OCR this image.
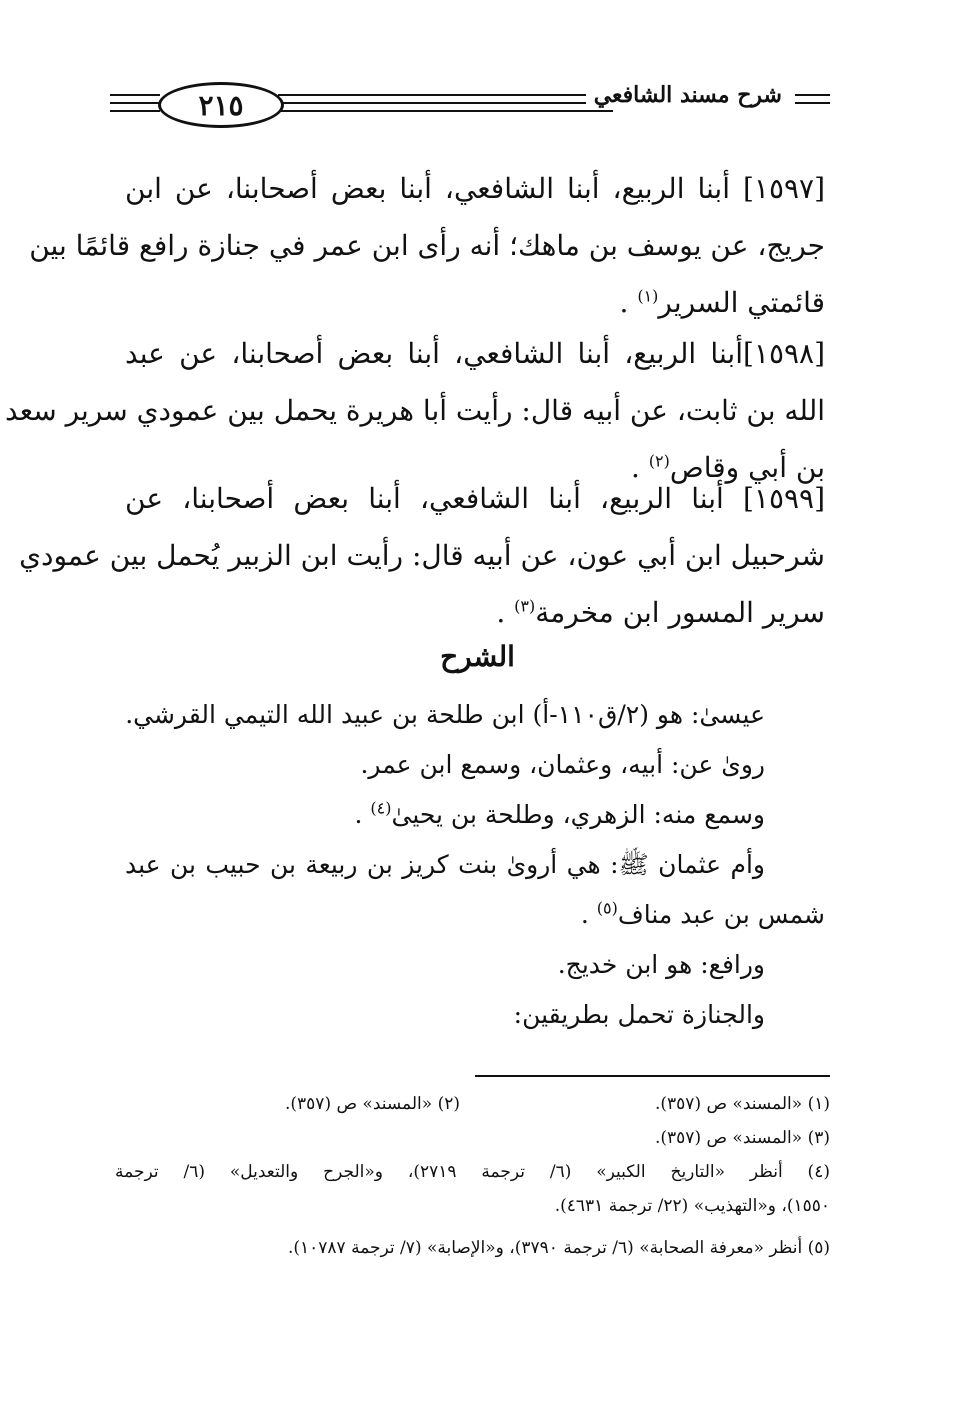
٢١٥	شرح مسند الشافعي
[١٥٩٧] أبنا الربيع، أبنا الشافعي، أبنا بعض أصحابنا، عن ابن
جريج، عن يوسف بن ماهك؛ أنه رأى ابن عمر في جنازة رافع قائمًا بين
قائمتي السرير$^{(١)}$ .
[١٥٩٨]أبنا الربيع، أبنا الشافعي، أبنا بعض أصحابنا، عن عبد
الله بن ثابت، عن أبيه قال: رأيت أبا هريرة يحمل بين عمودي سرير سعد
بن أبي وقاص$^{(٢)}$ .
[١٥٩٩] أبنا الربيع، أبنا الشافعي، أبنا بعض أصحابنا، عن
شرحبيل ابن أبي عون، عن أبيه قال: رأيت ابن الزبير يُحمل بين عمودي
سرير المسور ابن مخرمة$^{(٣)}$ .
الشرح
عيسىٰ: هو (٢/ق١١٠-أ) ابن طلحة بن عبيد الله التيمي القرشي.
روىٰ عن: أبيه، وعثمان، وسمع ابن عمر.
وسمع منه: الزهري، وطلحة بن يحيىٰ$^{(٤)}$ .
وأم عثمان ﷺ: هي أروىٰ بنت كريز بن ربيعة بن حبيب بن عبد
شمس بن عبد مناف$^{(٥)}$ .
ورافع: هو ابن خديج.
والجنازة تحمل بطريقين:
(١) «المسند» ص (٣٥٧).
(٢) «المسند» ص (٣٥٧).
(٣) «المسند» ص (٣٥٧).
(٤) أنظر «التاريخ الكبير» (٦/ ترجمة ٢٧١٩)، و«الجرح والتعديل» (٦/ ترجمة
١٥٥٠)، و«التهذيب» (٢٢/ ترجمة ٤٦٣١).
(٥) أنظر «معرفة الصحابة» (٦/ ترجمة ٣٧٩٠)، و«الإصابة» (٧/ ترجمة ١٠٧٨٧).
